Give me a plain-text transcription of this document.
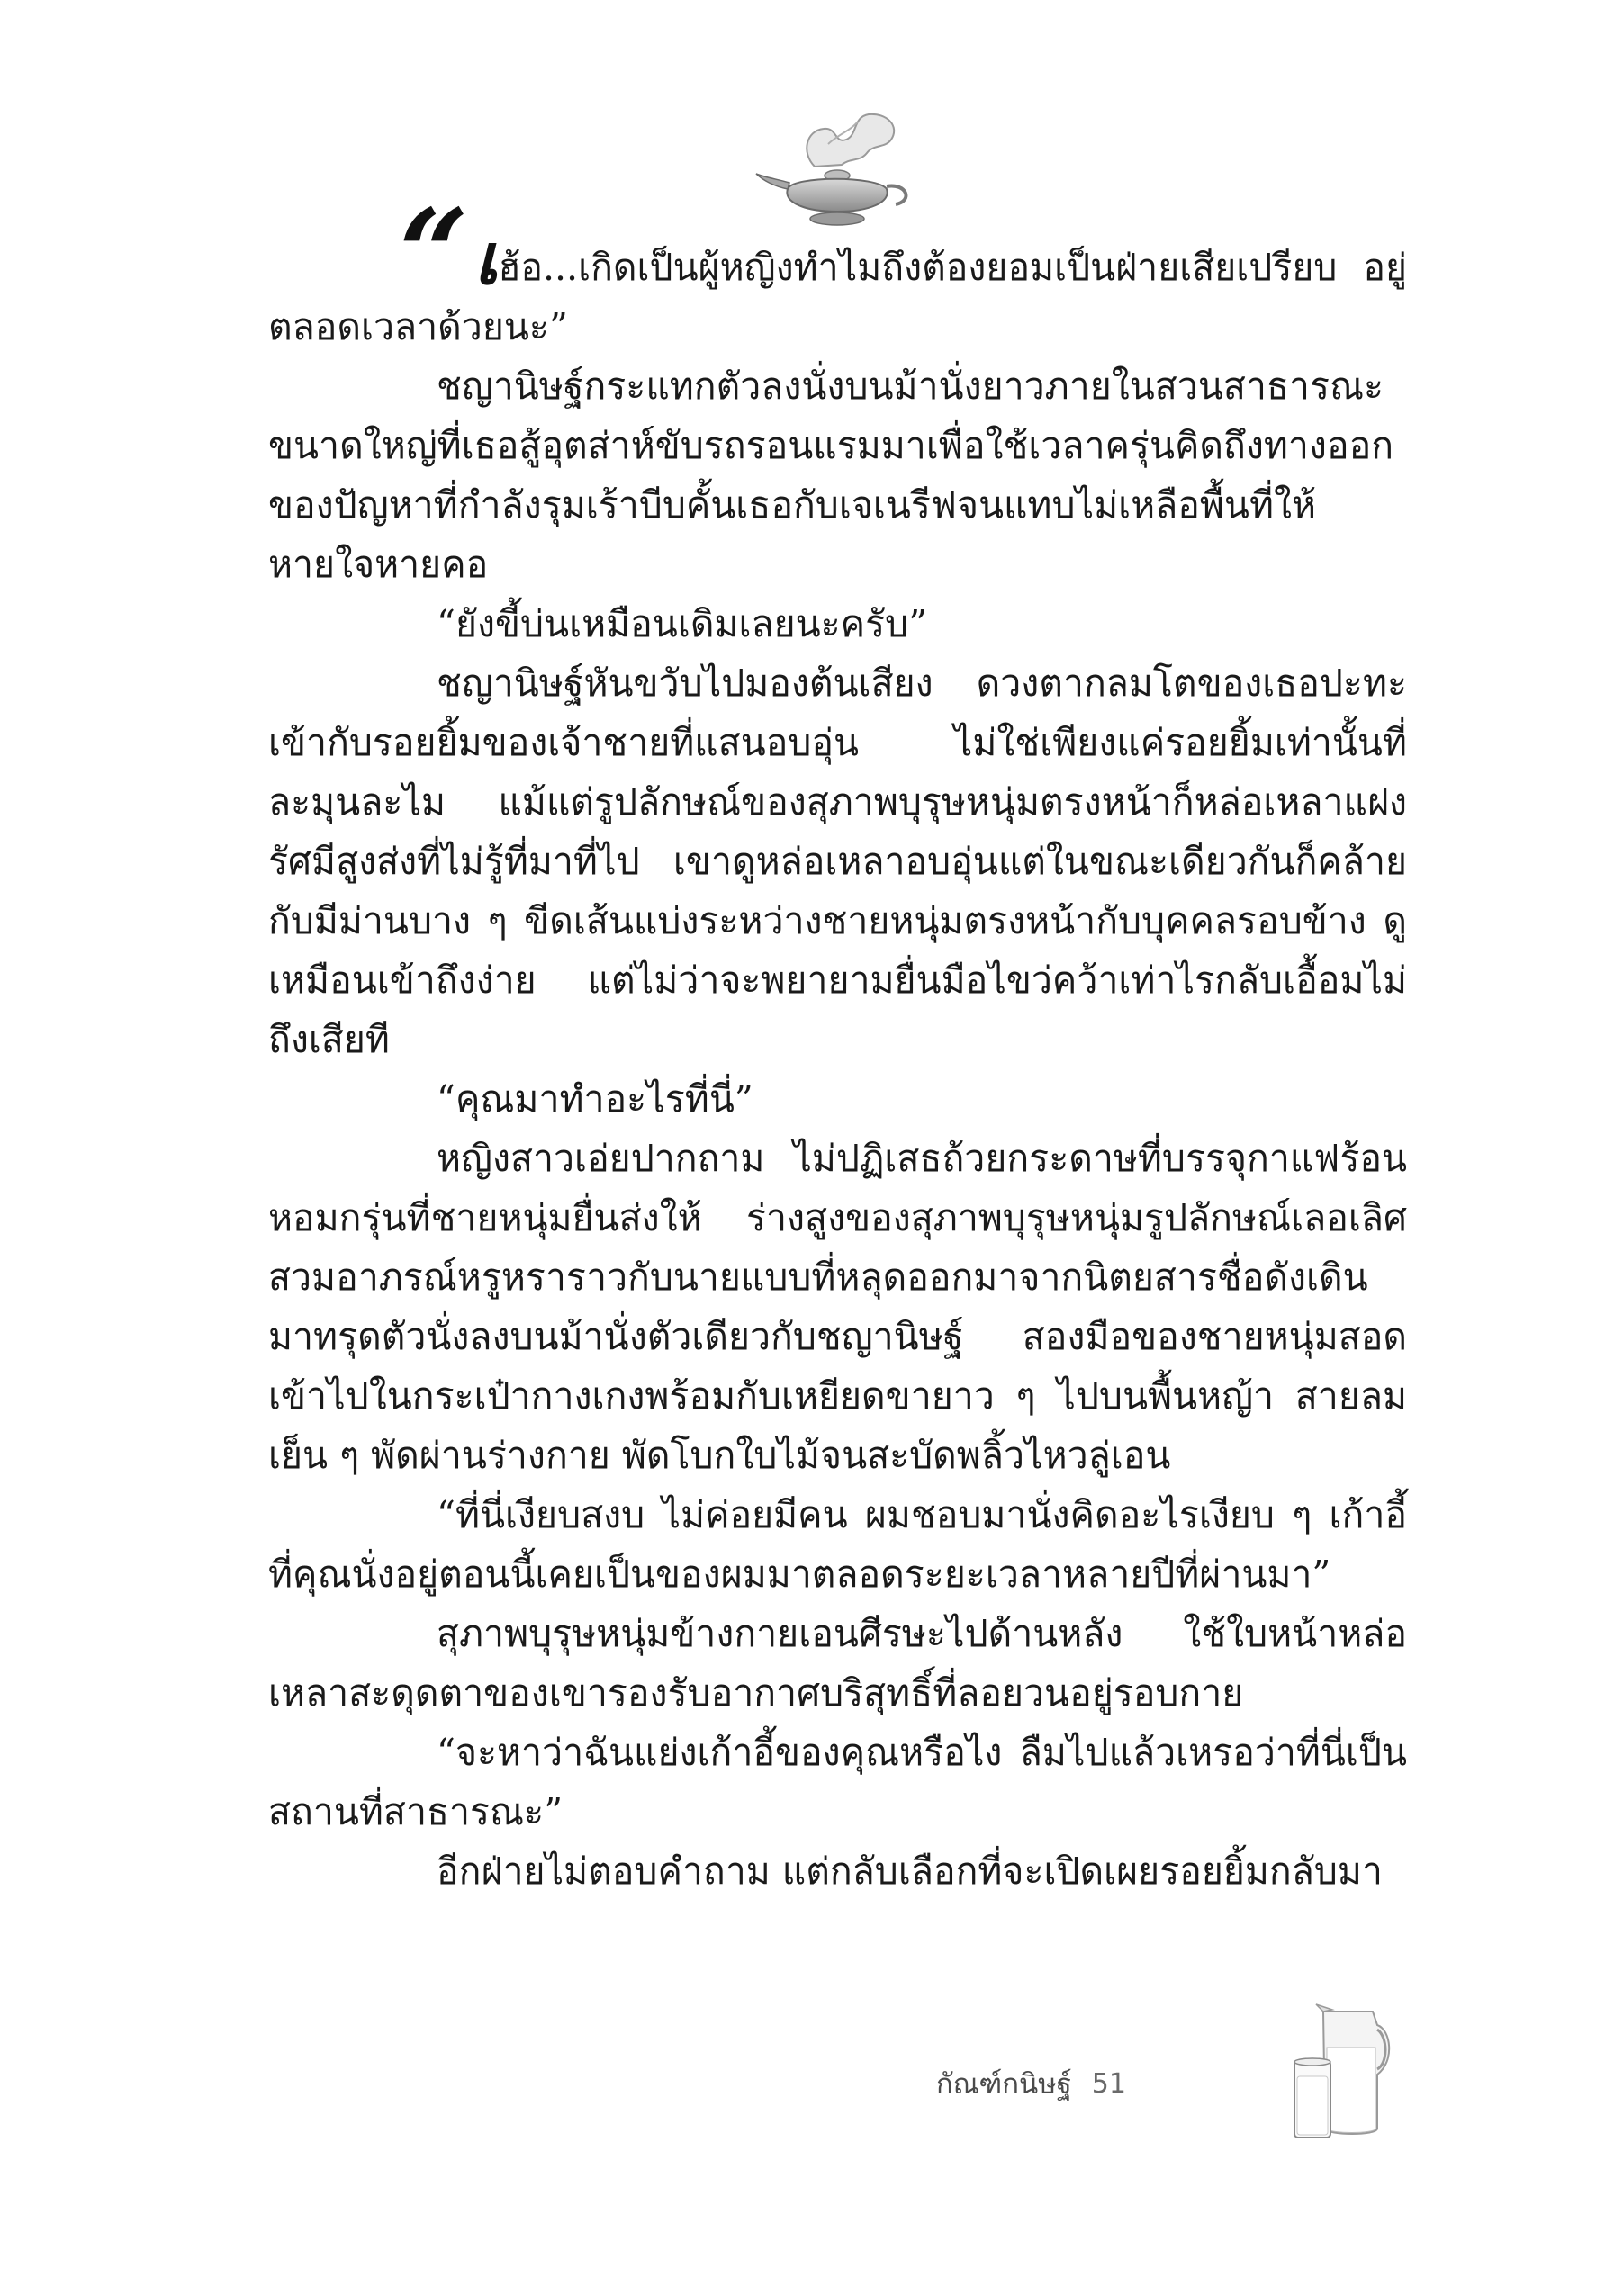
“เฮ้อ...เกิดเป็นผู้หญิงทำไมถึงต้องยอมเป็นฝ่ายเสียเปรียบ อยู่ตลอดเวลาด้วยนะ”

ชญานิษฐ์กระแทกตัวลงนั่งบนม้านั่งยาวภายในสวนสาธารณะขนาดใหญ่ที่เธอสู้อุตส่าห์ขับรถรอนแรมมาเพื่อใช้เวลาครุ่นคิดถึงทางออกของปัญหาที่กำลังรุมเร้าบีบคั้นเธอกับเจเนรีฟจนแทบไม่เหลือพื้นที่ให้หายใจหายคอ

“ยังขี้บ่นเหมือนเดิมเลยนะครับ”

ชญานิษฐ์หันขวับไปมองต้นเสียง ดวงตากลมโตของเธอปะทะเข้ากับรอยยิ้มของเจ้าชายที่แสนอบอุ่น ไม่ใช่เพียงแค่รอยยิ้มเท่านั้นที่ละมุนละไม แม้แต่รูปลักษณ์ของสุภาพบุรุษหนุ่มตรงหน้าก็หล่อเหลาแฝงรัศมีสูงส่งที่ไม่รู้ที่มาที่ไป เขาดูหล่อเหลาอบอุ่นแต่ในขณะเดียวกันก็คล้ายกับมีม่านบาง ๆ ขีดเส้นแบ่งระหว่างชายหนุ่มตรงหน้ากับบุคคลรอบข้าง ดูเหมือนเข้าถึงง่าย แต่ไม่ว่าจะพยายามยื่นมือไขว่คว้าเท่าไรกลับเอื้อมไม่ถึงเสียที

“คุณมาทำอะไรที่นี่”

หญิงสาวเอ่ยปากถาม ไม่ปฏิเสธถ้วยกระดาษที่บรรจุกาแฟร้อนหอมกรุ่นที่ชายหนุ่มยื่นส่งให้ ร่างสูงของสุภาพบุรุษหนุ่มรูปลักษณ์เลอเลิศสวมอาภรณ์หรูหราราวกับนายแบบที่หลุดออกมาจากนิตยสารชื่อดังเดินมาทรุดตัวนั่งลงบนม้านั่งตัวเดียวกับชญานิษฐ์ สองมือของชายหนุ่มสอดเข้าไปในกระเป๋ากางเกงพร้อมกับเหยียดขายาว ๆ ไปบนพื้นหญ้า สายลมเย็น ๆ พัดผ่านร่างกาย พัดโบกใบไม้จนสะบัดพลิ้วไหวลู่เอน

“ที่นี่เงียบสงบ ไม่ค่อยมีคน ผมชอบมานั่งคิดอะไรเงียบ ๆ เก้าอี้ที่คุณนั่งอยู่ตอนนี้เคยเป็นของผมมาตลอดระยะเวลาหลายปีที่ผ่านมา”

สุภาพบุรุษหนุ่มข้างกายเอนศีรษะไปด้านหลัง ใช้ใบหน้าหล่อเหลาสะดุดตาของเขารองรับอากาศบริสุทธิ์ที่ลอยวนอยู่รอบกาย

“จะหาว่าฉันแย่งเก้าอี้ของคุณหรือไง ลืมไปแล้วเหรอว่าที่นี่เป็นสถานที่สาธารณะ”

อีกฝ่ายไม่ตอบคำถาม แต่กลับเลือกที่จะเปิดเผยรอยยิ้มกลับมา

กัณฑ์กนิษฐ์ 51
